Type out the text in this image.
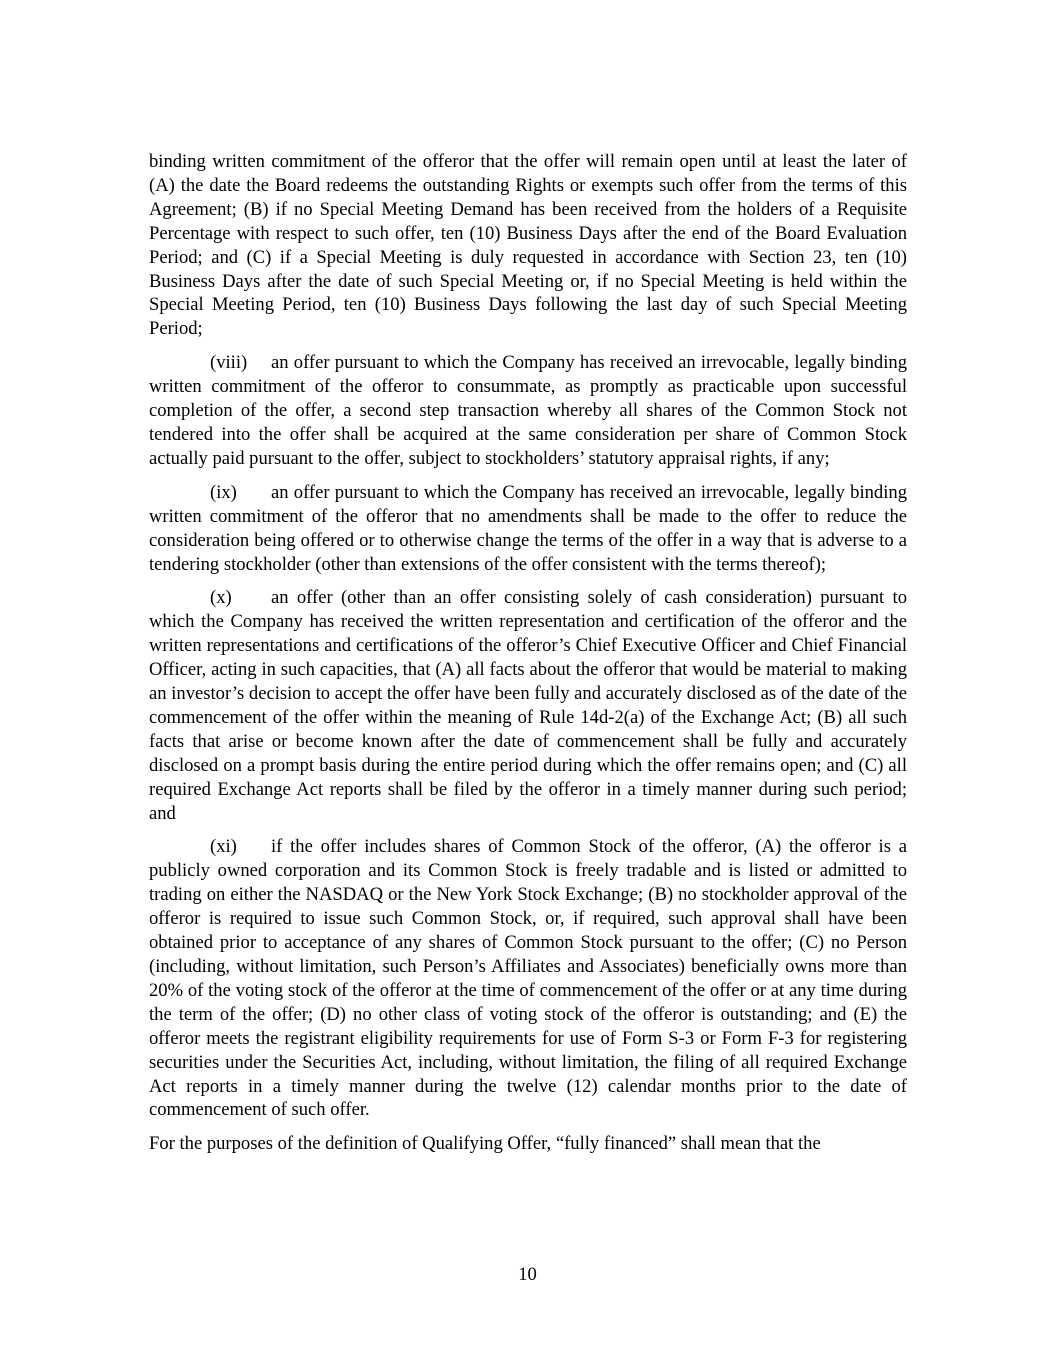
binding written commitment of the offeror that the offer will remain open until at least the later of (A) the date the Board redeems the outstanding Rights or exempts such offer from the terms of this Agreement; (B) if no Special Meeting Demand has been received from the holders of a Requisite Percentage with respect to such offer, ten (10) Business Days after the end of the Board Evaluation Period; and (C) if a Special Meeting is duly requested in accordance with Section 23, ten (10) Business Days after the date of such Special Meeting or, if no Special Meeting is held within the Special Meeting Period, ten (10) Business Days following the last day of such Special Meeting Period;

(viii) an offer pursuant to which the Company has received an irrevocable, legally binding written commitment of the offeror to consummate, as promptly as practicable upon successful completion of the offer, a second step transaction whereby all shares of the Common Stock not tendered into the offer shall be acquired at the same consideration per share of Common Stock actually paid pursuant to the offer, subject to stockholders’ statutory appraisal rights, if any;

(ix) an offer pursuant to which the Company has received an irrevocable, legally binding written commitment of the offeror that no amendments shall be made to the offer to reduce the consideration being offered or to otherwise change the terms of the offer in a way that is adverse to a tendering stockholder (other than extensions of the offer consistent with the terms thereof);

(x) an offer (other than an offer consisting solely of cash consideration) pursuant to which the Company has received the written representation and certification of the offeror and the written representations and certifications of the offeror’s Chief Executive Officer and Chief Financial Officer, acting in such capacities, that (A) all facts about the offeror that would be material to making an investor’s decision to accept the offer have been fully and accurately disclosed as of the date of the commencement of the offer within the meaning of Rule 14d-2(a) of the Exchange Act; (B) all such facts that arise or become known after the date of commencement shall be fully and accurately disclosed on a prompt basis during the entire period during which the offer remains open; and (C) all required Exchange Act reports shall be filed by the offeror in a timely manner during such period; and

(xi) if the offer includes shares of Common Stock of the offeror, (A) the offeror is a publicly owned corporation and its Common Stock is freely tradable and is listed or admitted to trading on either the NASDAQ or the New York Stock Exchange; (B) no stockholder approval of the offeror is required to issue such Common Stock, or, if required, such approval shall have been obtained prior to acceptance of any shares of Common Stock pursuant to the offer; (C) no Person (including, without limitation, such Person’s Affiliates and Associates) beneficially owns more than 20% of the voting stock of the offeror at the time of commencement of the offer or at any time during the term of the offer; (D) no other class of voting stock of the offeror is outstanding; and (E) the offeror meets the registrant eligibility requirements for use of Form S-3 or Form F-3 for registering securities under the Securities Act, including, without limitation, the filing of all required Exchange Act reports in a timely manner during the twelve (12) calendar months prior to the date of commencement of such offer.

For the purposes of the definition of Qualifying Offer, “fully financed” shall mean that the

10
